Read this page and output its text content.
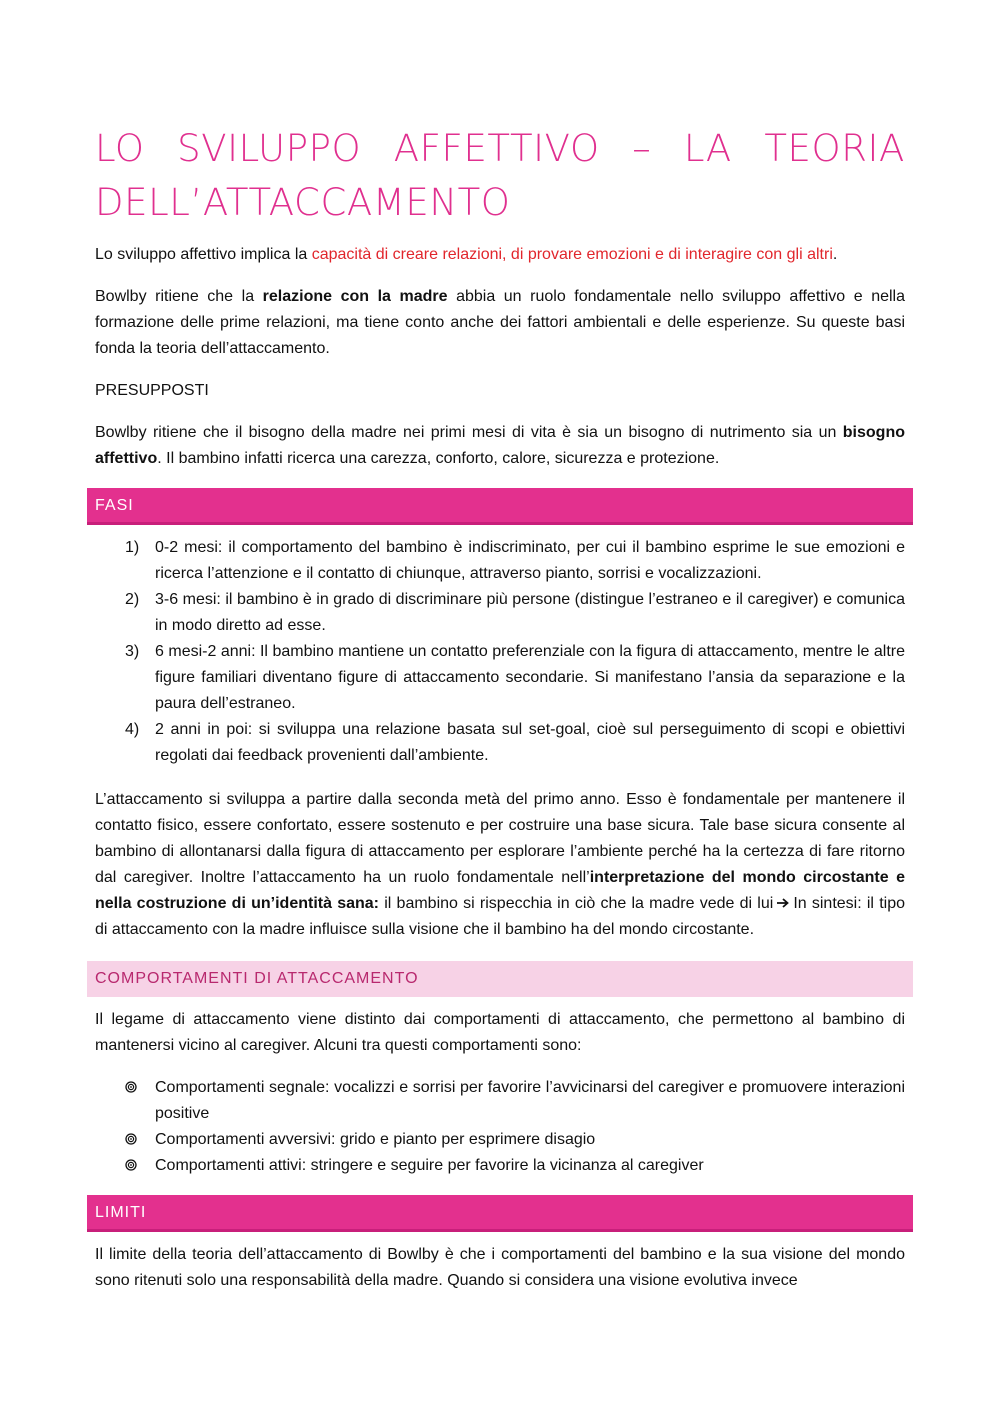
LO SVILUPPO AFFETTIVO – LA TEORIA
DELL’ATTACCAMENTO

Lo sviluppo affettivo implica la capacità di creare relazioni, di provare emozioni e di interagire con gli altri.

Bowlby ritiene che la relazione con la madre abbia un ruolo fondamentale nello sviluppo affettivo e nella formazione delle prime relazioni, ma tiene conto anche dei fattori ambientali e delle esperienze. Su queste basi fonda la teoria dell’attaccamento.

PRESUPPOSTI

Bowlby ritiene che il bisogno della madre nei primi mesi di vita è sia un bisogno di nutrimento sia un bisogno affettivo. Il bambino infatti ricerca una carezza, conforto, calore, sicurezza e protezione.

FASI
1) 0-2 mesi: il comportamento del bambino è indiscriminato, per cui il bambino esprime le sue emozioni e ricerca l’attenzione e il contatto di chiunque, attraverso pianto, sorrisi e vocalizzazioni.
2) 3-6 mesi: il bambino è in grado di discriminare più persone (distingue l’estraneo e il caregiver) e comunica in modo diretto ad esse.
3) 6 mesi-2 anni: Il bambino mantiene un contatto preferenziale con la figura di attaccamento, mentre le altre figure familiari diventano figure di attaccamento secondarie. Si manifestano l’ansia da separazione e la paura dell’estraneo.
4) 2 anni in poi: si sviluppa una relazione basata sul set-goal, cioè sul perseguimento di scopi e obiettivi regolati dai feedback provenienti dall’ambiente.

L’attaccamento si sviluppa a partire dalla seconda metà del primo anno. Esso è fondamentale per mantenere il contatto fisico, essere confortato, essere sostenuto e per costruire una base sicura. Tale base sicura consente al bambino di allontanarsi dalla figura di attaccamento per esplorare l’ambiente perché ha la certezza di fare ritorno dal caregiver. Inoltre l’attaccamento ha un ruolo fondamentale nell’interpretazione del mondo circostante e nella costruzione di un’identità sana: il bambino si rispecchia in ciò che la madre vede di lui In sintesi: il tipo di attaccamento con la madre influisce sulla visione che il bambino ha del mondo circostante.

COMPORTAMENTI DI ATTACCAMENTO

Il legame di attaccamento viene distinto dai comportamenti di attaccamento, che permettono al bambino di mantenersi vicino al caregiver. Alcuni tra questi comportamenti sono:

Comportamenti segnale: vocalizzi e sorrisi per favorire l’avvicinarsi del caregiver e promuovere interazioni positive
Comportamenti avversivi: grido e pianto per esprimere disagio
Comportamenti attivi: stringere e seguire per favorire la vicinanza al caregiver
LIMITI

Il limite della teoria dell’attaccamento di Bowlby è che i comportamenti del bambino e la sua visione del mondo sono ritenuti solo una responsabilità della madre. Quando si considera una visione evolutiva invece
